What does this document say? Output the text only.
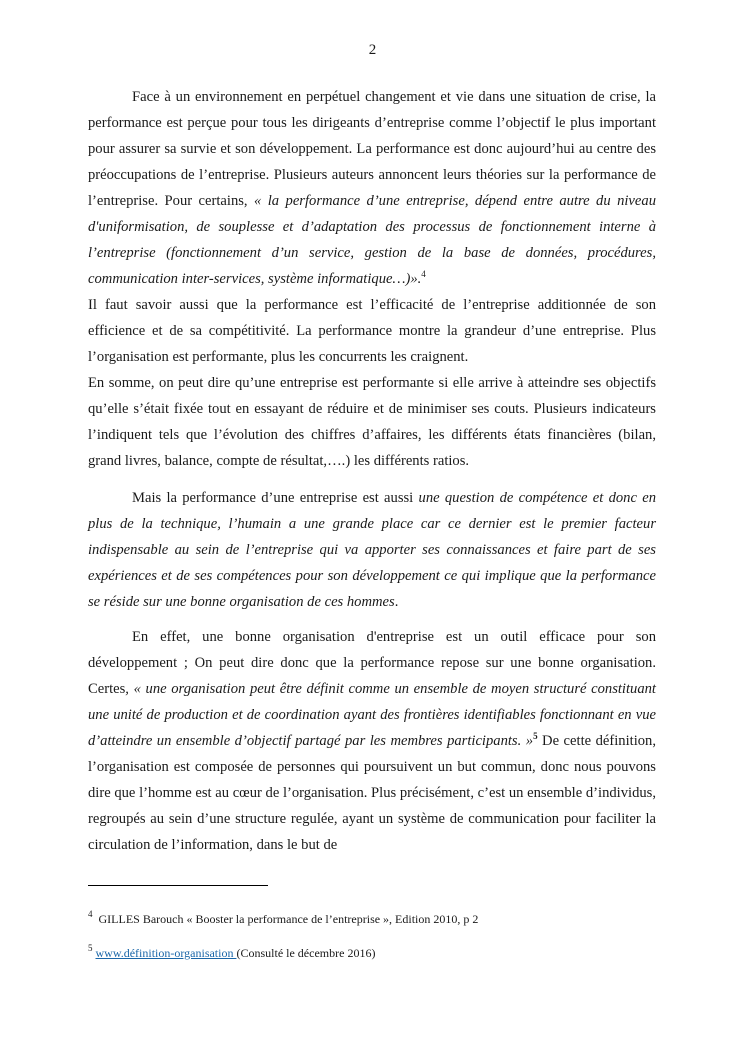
2

Face à un environnement en perpétuel changement et vie dans une situation de crise, la performance est perçue pour tous les dirigeants d’entreprise comme l’objectif le plus important pour assurer sa survie et son développement. La performance est donc aujourd’hui au centre des préoccupations de l’entreprise. Plusieurs auteurs annoncent leurs théories sur la performance de l’entreprise. Pour certains, « la performance d’une entreprise, dépend entre autre du niveau d'uniformisation, de souplesse et d’adaptation des processus de fonctionnement interne à l’entreprise (fonctionnement d’un service, gestion de la base de données, procédures, communication inter-services, système informatique…)».$^4$

Il faut savoir aussi que la performance est l’efficacité de l’entreprise additionnée de son efficience et de sa compétitivité. La performance montre la grandeur d’une entreprise. Plus l’organisation est performante, plus les concurrents les craignent.

En somme, on peut dire qu’une entreprise est performante si elle arrive à atteindre ses objectifs qu’elle s’était fixée tout en essayant de réduire et de minimiser ses couts. Plusieurs indicateurs l’indiquent tels que l’évolution des chiffres d’affaires, les différents états financières (bilan, grand livres, balance, compte de résultat,….) les différents ratios.

Mais la performance d’une entreprise est aussi une question de compétence et donc en plus de la technique, l’humain a une grande place car ce dernier est le premier facteur indispensable au sein de l’entreprise qui va apporter ses connaissances et faire part de ses expériences et de ses compétences pour son développement ce qui implique que la performance se réside sur une bonne organisation de ces hommes.

En effet, une bonne organisation d'entreprise est un outil efficace pour son développement ; On peut dire donc que la performance repose sur une bonne organisation. Certes, « une organisation peut être définit comme un ensemble de moyen structuré constituant une unité de production et de coordination ayant des frontières identifiables fonctionnant en vue d’atteindre un ensemble d’objectif partagé par les membres participants. »$^5$ De cette définition, l’organisation est composée de personnes qui poursuivent un but commun, donc nous pouvons dire que l’homme est au cœur de l’organisation. Plus précisément, c’est un ensemble d’individus, regroupés au sein d’une structure regulée, ayant un système de communication pour faciliter la circulation de l’information, dans le but de

$^4$ GILLES Barouch « Booster la performance de l’entreprise », Edition 2010, p 2
$^5$ www.définition-organisation (Consulté le décembre 2016)
